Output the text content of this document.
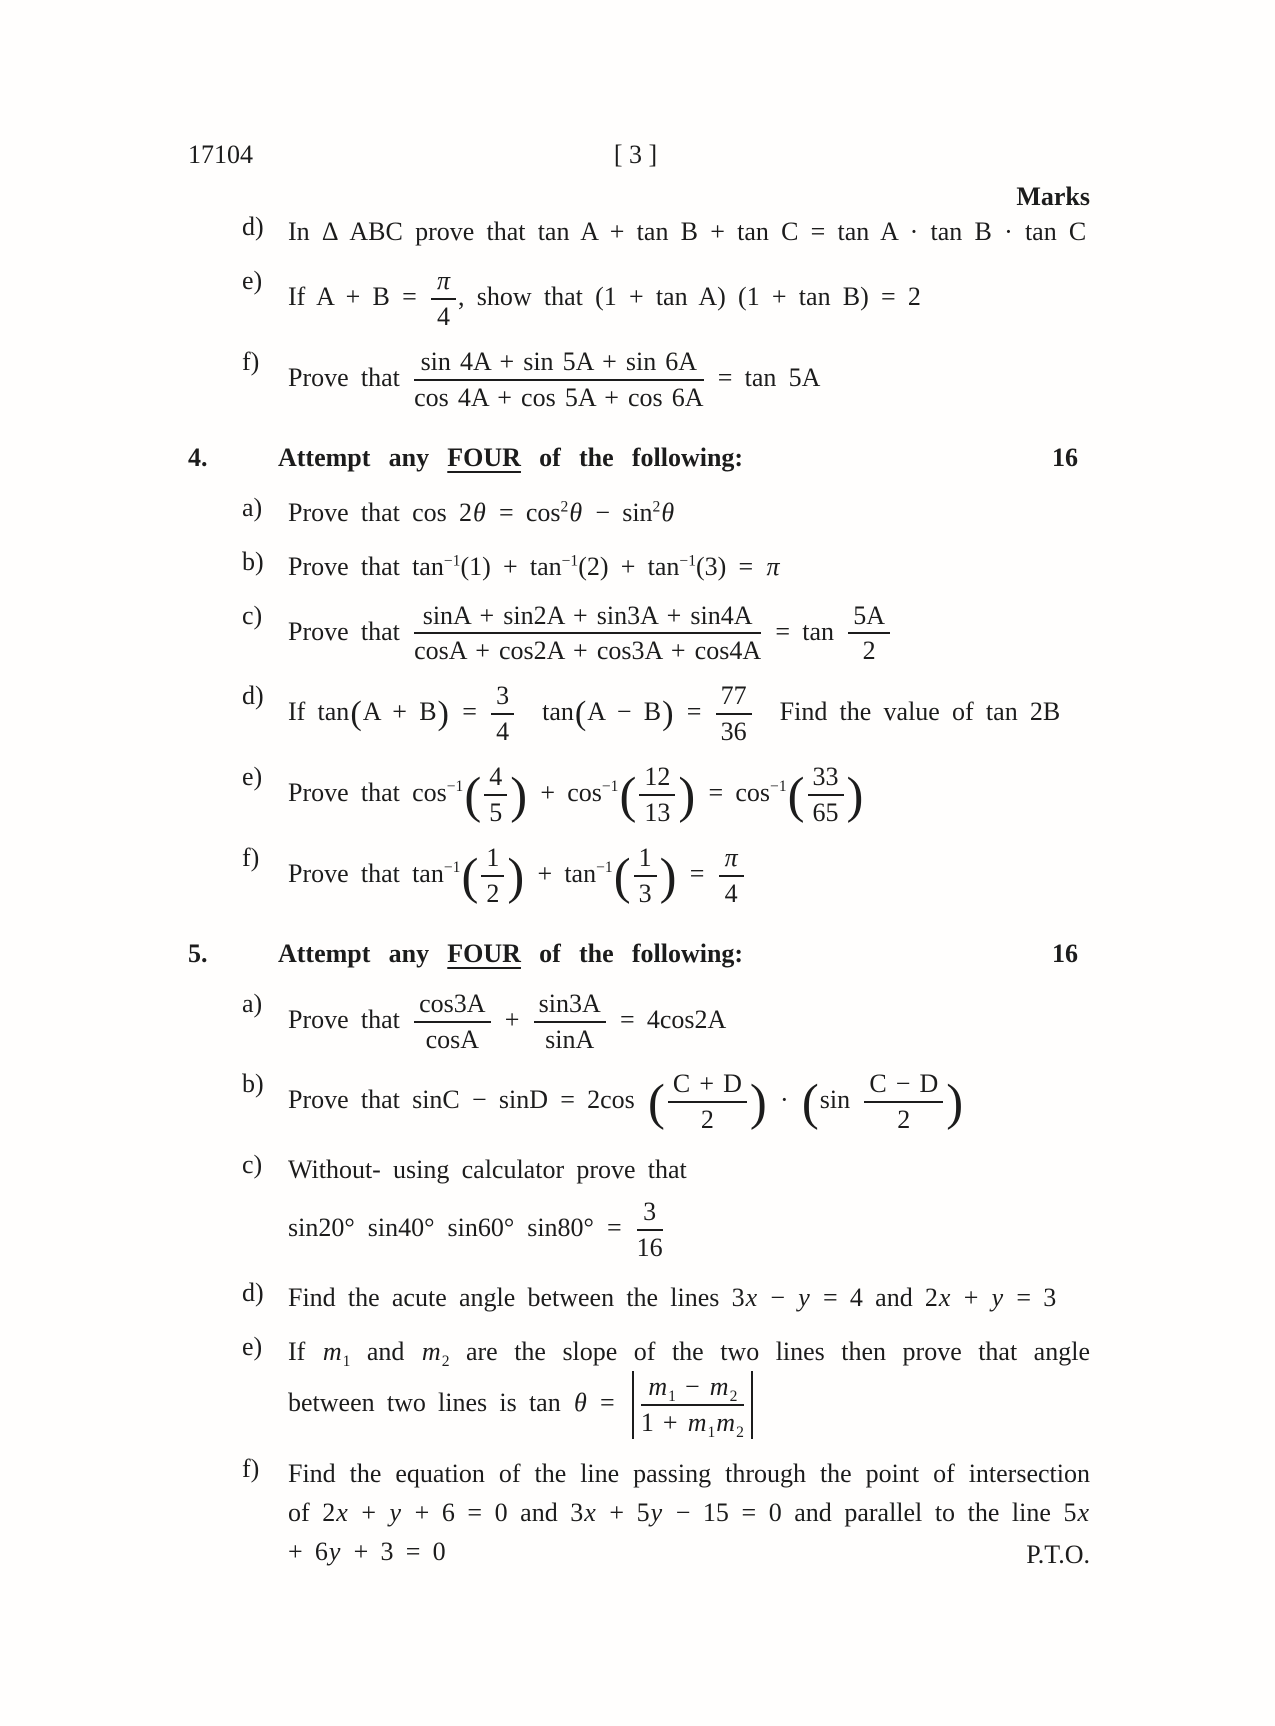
17104	[ 3 ]
Marks
d) In Δ ABC prove that tan A + tan B + tan C = tan A · tan B · tan C
e)
If $A + B = \frac{\pi}{4}$ , show that (1 + tan A) (1 + tan B) = 2
f)
Prove that $\frac{\sin 4A + \sin 5A + \sin 6A}{\cos 4A + \cos 5A + \cos 6A} = \tan 5A$
4.	Attempt any FOUR of the following:	16
a) Prove that $\cos 2\theta = \cos^2\theta - \sin^2\theta$
b) Prove that $\tan^{-1}(1) + \tan^{-1}(2) + \tan^{-1}(3) = \pi$
c)
Prove that $\frac{\sin A + \sin 2A + \sin 3A + \sin 4A}{\cos A + \cos 2A + \cos 3A + \cos 4A} = \tan \frac{5A}{2}$
d)
If $\tan(A + B) = \frac{3}{4}$  $\tan(A - B) = \frac{77}{36}$  Find the value of tan 2B
e)
Prove that $\cos^{-1}( \frac{4}{5}$ ) + $\cos^{-1}( \frac{12}{13}$ ) = $\cos^{-1}( \frac{33}{65}$ )
f)
Prove that $\tan^{-1}( \frac{1}{2}$ ) + $\tan^{-1}( \frac{1}{3}$ ) = $\frac{\pi}{4}$
5.	Attempt any FOUR of the following:	16
a)
Prove that $\frac{\cos 3A}{\cos A} + \frac{\sin 3A}{\sin A} = 4\cos 2A$
b)
Prove that sinC − sinD = 2cos ( $\frac{C + D}{2}$ ) · ($\sin \frac{C - D}{2}$ )
c) Without- using calculator prove that
sin20° sin40° sin60° sin80° =  $\frac{3}{16}$
d) Find the acute angle between the lines 3x − y = 4 and 2x + y = 3
e) If $m_1$ and $m_2$ are the slope of the two lines then prove that angle between two lines is $\tan \theta = \frac{m_1 - m_2}{1 + m_1m_2}$
f)	Find the equation of the line passing through the point of intersection of 2x + y + 6 = 0 and 3x + 5y − 15 = 0 and parallel to the line 5x + 6y + 3 = 0	P.T.O.
